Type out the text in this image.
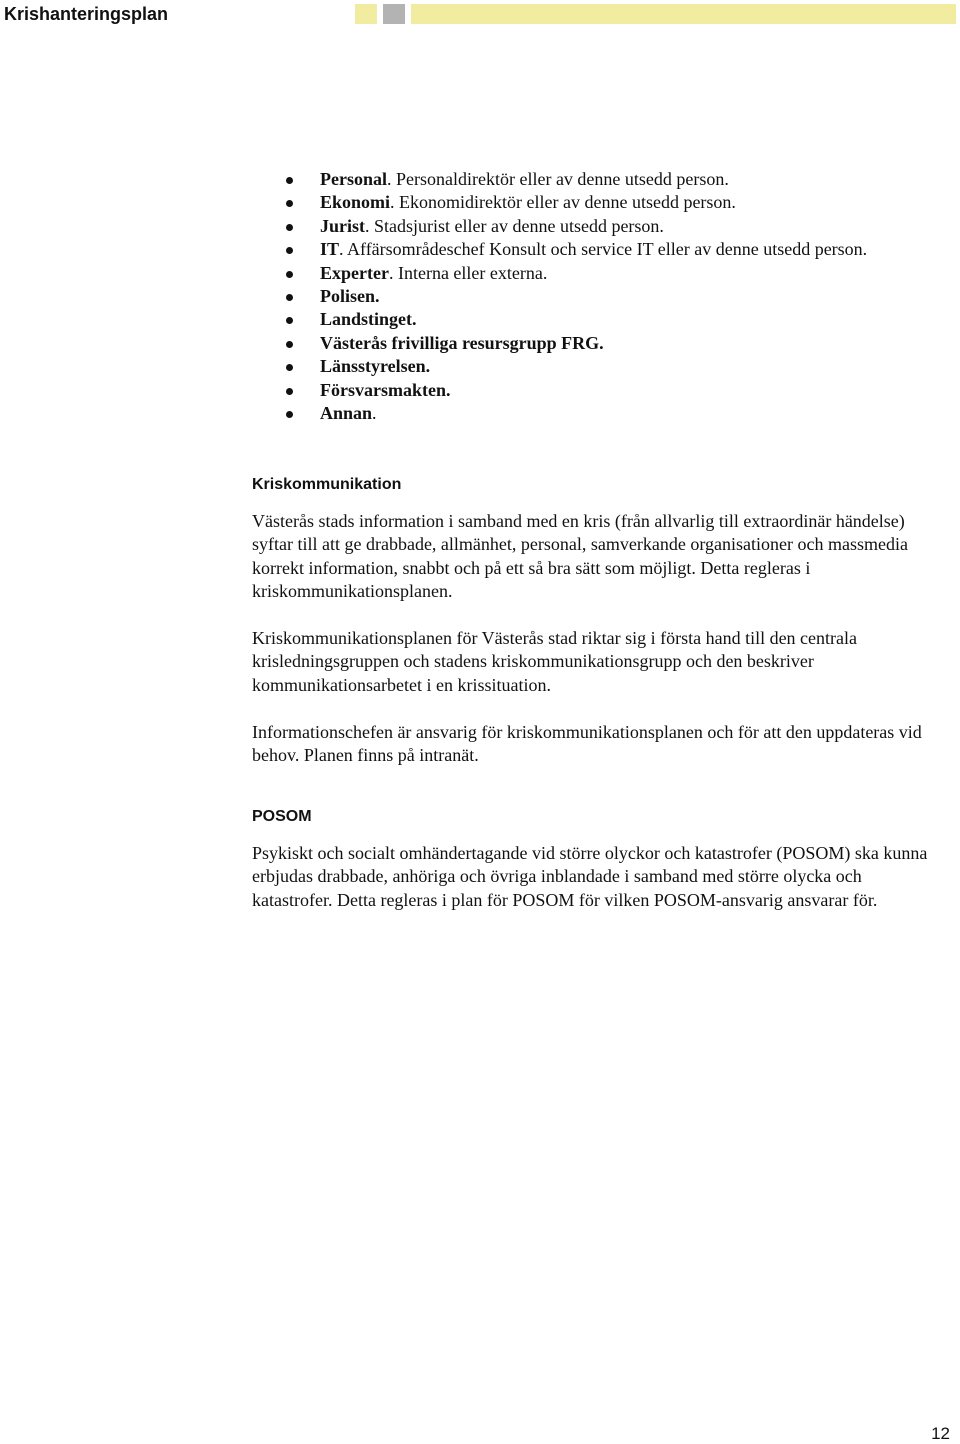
Krishanteringsplan
Personal. Personaldirektör eller av denne utsedd person.
Ekonomi. Ekonomidirektör eller av denne utsedd person.
Jurist. Stadsjurist eller av denne utsedd person.
IT. Affärsområdeschef Konsult och service IT eller av denne utsedd person.
Experter. Interna eller externa.
Polisen.
Landstinget.
Västerås frivilliga resursgrupp FRG.
Länsstyrelsen.
Försvarsmakten.
Annan.
Kriskommunikation

Västerås stads information i samband med en kris (från allvarlig till extraordinär händelse) syftar till att ge drabbade, allmänhet, personal, samverkande organisationer och massmedia korrekt information, snabbt och på ett så bra sätt som möjligt. Detta regleras i kriskommunikationsplanen.

Kriskommunikationsplanen för Västerås stad riktar sig i första hand till den centrala krisledningsgruppen och stadens kriskommunikationsgrupp och den beskriver kommunikationsarbetet i en krissituation.

Informationschefen är ansvarig för kriskommunikationsplanen och för att den uppdateras vid behov. Planen finns på intranät.

POSOM

Psykiskt och socialt omhändertagande vid större olyckor och katastrofer (POSOM) ska kunna erbjudas drabbade, anhöriga och övriga inblandade i samband med större olycka och katastrofer. Detta regleras i plan för POSOM för vilken POSOM-ansvarig ansvarar för.

12
